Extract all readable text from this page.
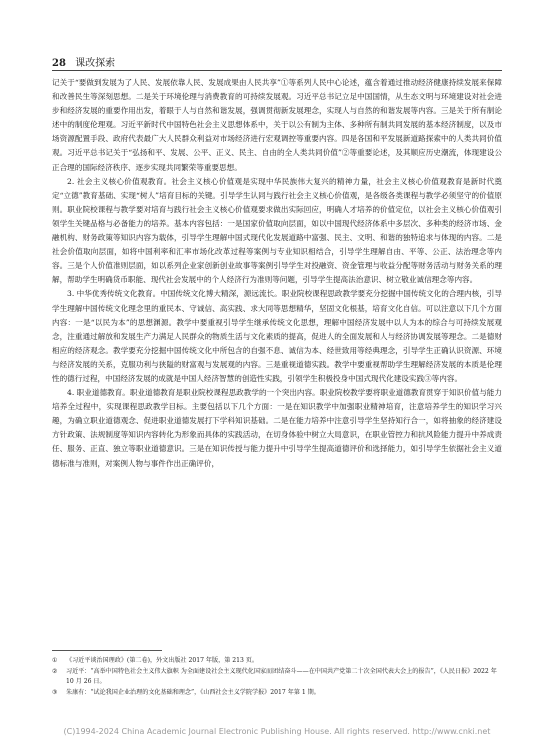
28 课改探索

记关于“要做到发展为了人民、发展依靠人民、发展成果由人民共享”①等系列人民中心论述，蕴含着通过推动经济健康持续发展来保障和改善民生等深刻思想。二是关于环境伦理与消费教育的可持续发展观。习近平总书记立足中国国情，从生态文明与环境建设对社会进步和经济发展的重要作用出发，着眼于人与自然和谐发展，强调贯彻新发展理念，实现人与自然的和谐发展等内容。三是关于所有制论述中的制度伦理观。习近平新时代中国特色社会主义思想体系中，关于以公有制为主体、多种所有制共同发展的基本经济制度，以及市场资源配置手段、政府代表最广大人民群众利益对市场经济进行宏观调控等重要内容。四是各国和平发展新道路探索中的人类共同价值观。习近平总书记关于“弘扬和平、发展、公平、正义、民主、自由的全人类共同价值”②等重要论述，及其顺应历史潮流，体现建设公正合理的国际经济秩序、逐步实现共同繁荣等重要思想。

2. 社会主义核心价值观教育。社会主义核心价值观是实现中华民族伟大复兴的精神力量，社会主义核心价值观教育是新时代奠定“立德”教育基础、实现“树人”培育目标的关键。引导学生认同与践行社会主义核心价值观，是各级各类课程与教学必须坚守的价值原则。职业院校课程与教学要对培育与践行社会主义核心价值观要求做出实际回应，明确人才培养的价值定位，以社会主义核心价值观引领学生关键品格与必备能力的培养。基本内容包括：一是国家价值取向层面，如以中国现代经济体系中多层次、多种类的经济市场、金融机构、财务政策等知识内容为载体，引导学生理解中国式现代化发展道路中富强、民主、文明、和谐的独特追求与体现的内容。二是社会价值取向层面，如将中国利率和汇率市场化改革过程等案例与专业知识相结合，引导学生理解自由、平等、公正、法治理念等内容。三是个人价值准则层面，如以系列企业家创新创业故事等案例引导学生对投融资、资金管理与收益分配等财务活动与财务关系的理解，帮助学生明确货币职能、现代社会发展中的个人经济行为准则等问题，引导学生提高法治意识、树立敬业诚信理念等内容。

3. 中华优秀传统文化教育。中国传统文化博大精深，源远流长。职业院校课程思政教学要充分挖掘中国传统文化的合理内核，引导学生理解中国传统文化理念里的重民本、守诚信、高实践、求大同等思想精华，坚固文化根基，培育文化自信。可以注意以下几个方面内容：一是“以民为本”的思想渊源。教学中要重视引导学生继承传统文化思想，理解中国经济发展中以人为本的综合与可持续发展观念，注重通过解放和发展生产力满足人民群众的物质生活与文化素质的提高，促进人的全面发展和人与经济协调发展等理念。二是德财相应的经济观念。教学要充分挖掘中国传统文化中所包含的自强不息、诚信为本、经世致用等经典理念，引导学生正确认识资源、环境与经济发展的关系，克服功利与狭隘的财富观与发展观的内容。三是重视道德实践。教学中要重视帮助学生理解经济发展的本质是伦理性的德行过程，中国经济发展的成就是中国人经济智慧的创造性实践，引领学生积极投身中国式现代化建设实践③等内容。

4. 职业道德教育。职业道德教育是职业院校课程思政教学的一个突出内容。职业院校教学要将职业道德教育贯穿于知识价值与能力培养全过程中，实现课程思政教学目标。主要包括以下几个方面：一是在知识教学中加强职业精神培育，注意培养学生的知识学习兴趣，为确立职业道德观念、促进职业道德发展打下学科知识基础。二是在能力培养中注意引导学生坚持知行合一，如将抽象的经济建设方针政策、法规制度等知识内容转化为形象而具体的实践活动，在切身体验中树立大局意识，在职业管控力和抗风险能力提升中养成责任、服务、正直、独立等职业道德意识。三是在知识传授与能力提升中引导学生提高道德评价和选择能力，如引导学生依据社会主义道德标准与准则，对案例人物与事件作出正确评价，

①	《习近平谈治国理政》(第二卷)，外文出版社 2017 年版，第 213 页。
②	习近平：“高举中国特色社会主义伟大旗帜 为全面建设社会主义现代化国家而团结奋斗——在中国共产党第二十次全国代表大会上的报告”，《人民日报》2022 年 10 月 26 日。
③	朱康有：“试论我国企业治理的文化基础和理念”，《山西社会主义学院学报》2017 年第 1 期。
(C)1994-2024 China Academic Journal Electronic Publishing House. All rights reserved. http://www.cnki.net
